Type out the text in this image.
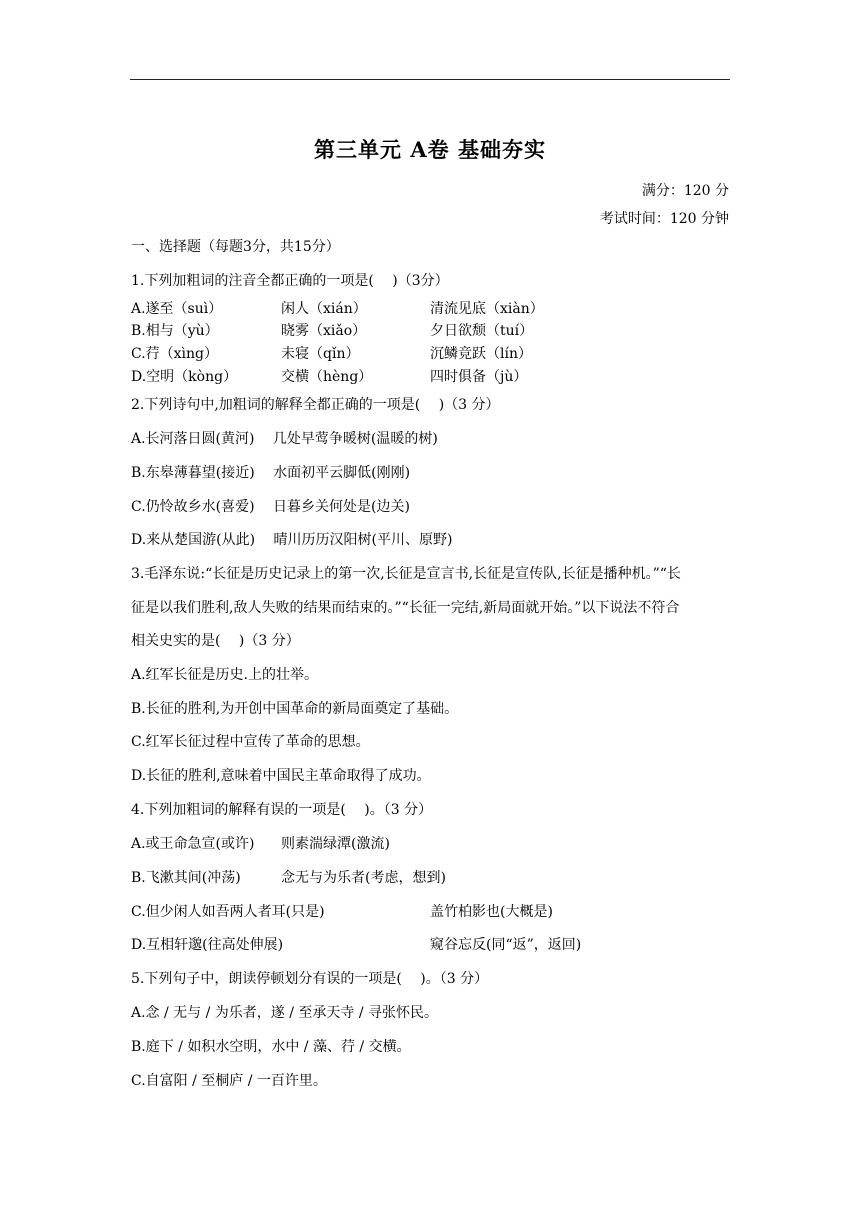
第三单元 A卷 基础夯实
满分：120 分
考试时间：120 分钟
一、选择题（每题3分，共15分）
1.下列加粗词的注音全都正确的一项是(　 )（3分）
A.遂至（suì）	闲人（xián）	清流见底（xiàn）
B.相与（yù）	晓雾（xiǎo）	夕日欲颓（tuí）
C.荇（xìng）	未寝（qǐn）	沉鳞竞跃（lín）
D.空明（kòng）	交横（hèng）	四时俱备（jù）
2.下列诗句中,加粗词的解释全都正确的一项是(　 )（3 分）
A.长河落日圆(黄河)　 几处早莺争暖树(温暖的树)
B.东皋薄暮望(接近)　 水面初平云脚低(刚刚)
C.仍怜故乡水(喜爱)　 日暮乡关何处是(边关)
D.来从楚国游(从此)　 晴川历历汉阳树(平川、原野)
3.毛泽东说:“长征是历史记录上的第一次,长征是宣言书,长征是宣传队,长征是播种机。”“长
征是以我们胜利,敌人失败的结果而结束的。”“长征一完结,新局面就开始。”以下说法不符合
相关史实的是(　 )（3 分）
A.红军长征是历史.上的壮举。
B.长征的胜利,为开创中国革命的新局面奠定了基础。
C.红军长征过程中宣传了革命的思想。
D.长征的胜利,意味着中国民主革命取得了成功。
4.下列加粗词的解释有误的一项是(　 )。（3 分）
A.或王命急宣(或许) 则素湍绿潭(激流)
B.飞漱其间(冲荡)	念无与为乐者(考虑，想到)
C.但少闲人如吾两人者耳(只是)	盖竹柏影也(大概是)
D.互相轩邈(往高处伸展)	窥谷忘反(同“返”，返回)
5.下列句子中，朗读停顿划分有误的一项是(　 )。（3 分）
A.念 / 无与 / 为乐者，遂 / 至承天寺 / 寻张怀民。
B.庭下 / 如积水空明，水中 / 藻、荇 / 交横。
C.自富阳 / 至桐庐 / 一百许里。
